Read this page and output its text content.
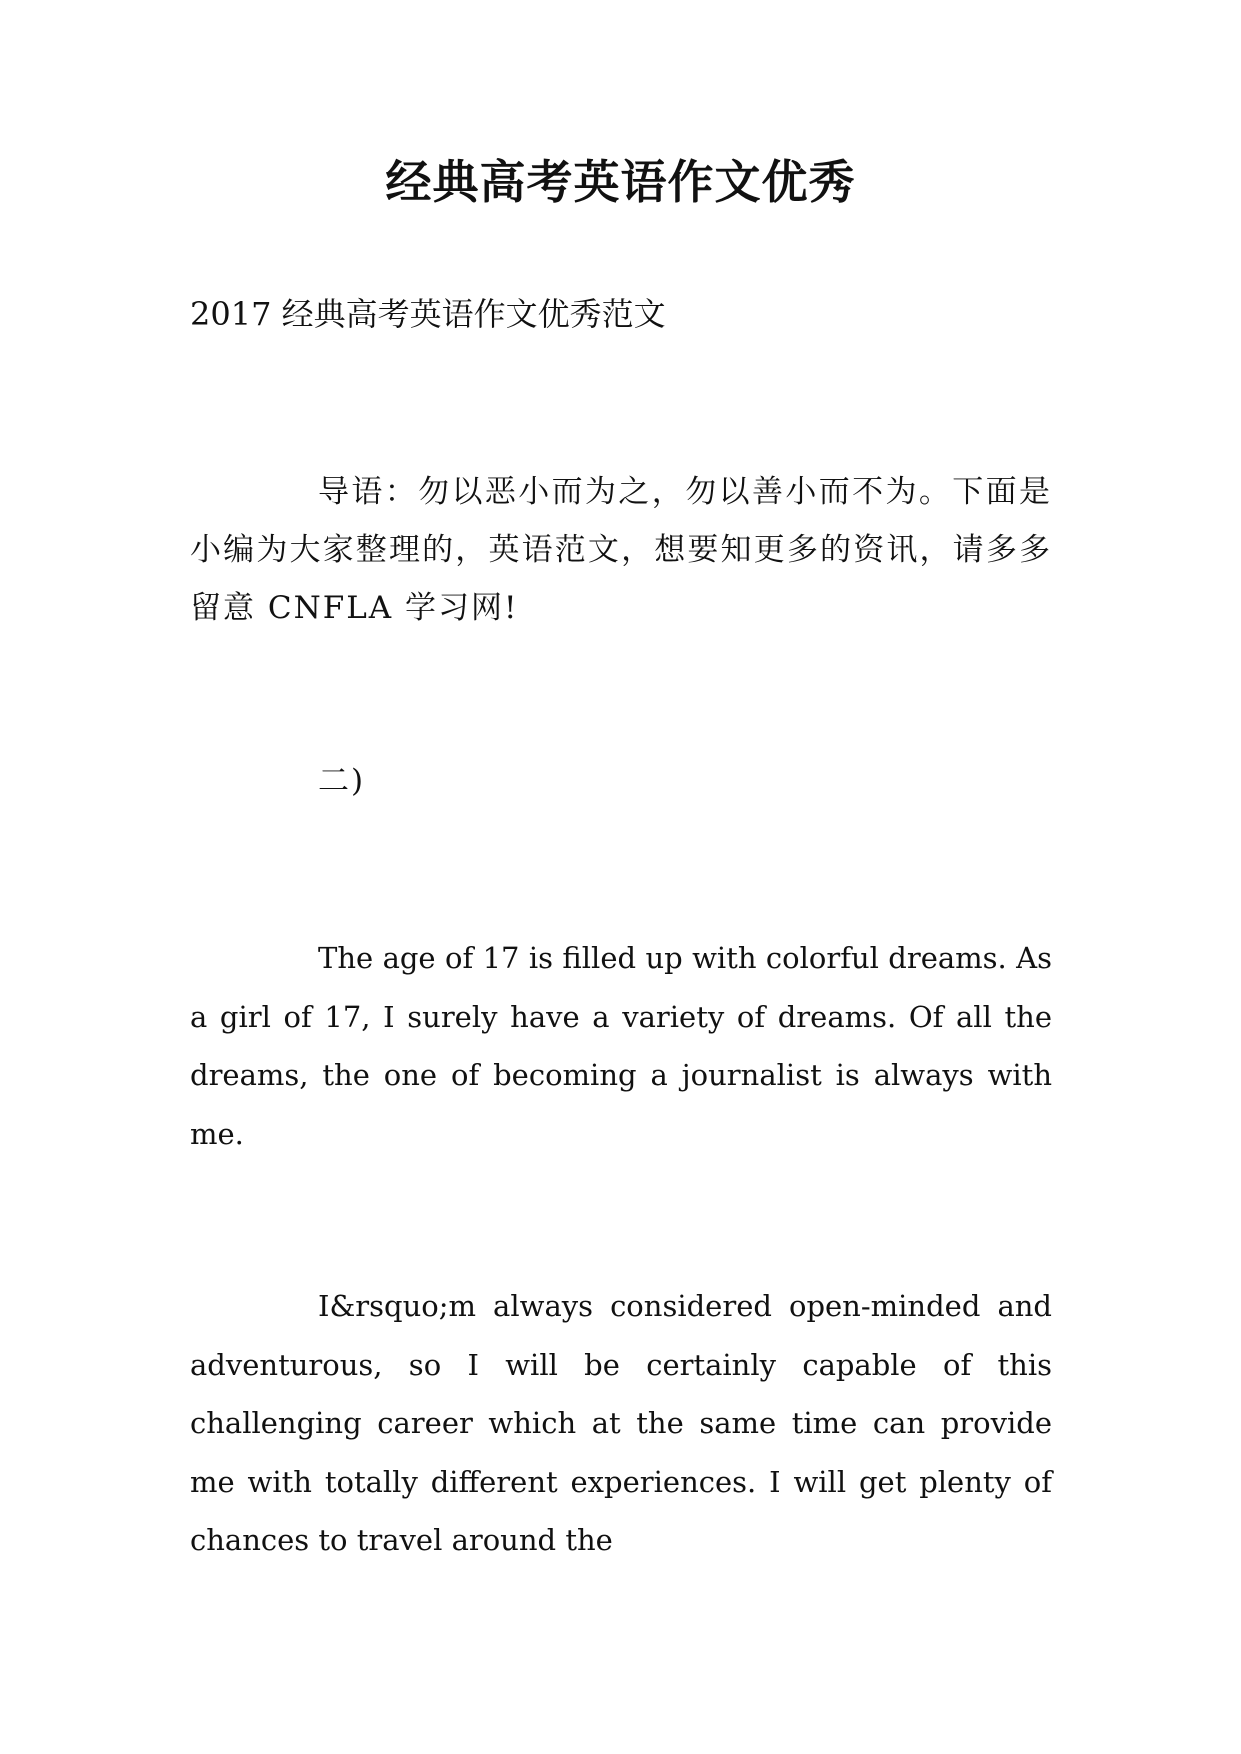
经典高考英语作文优秀
2017 经典高考英语作文优秀范文
导语：勿以恶小而为之，勿以善小而不为。下面是小编为大家整理的，英语范文，想要知更多的资讯，请多多留意 CNFLA 学习网!
二)
The age of 17 is filled up with colorful dreams. As a girl of 17, I surely have a variety of dreams. Of all the dreams, the one of becoming a journalist is always with me.
I&rsquo;m always considered open-minded and adventurous, so I will be certainly capable of this challenging career which at the same time can provide me with totally different experiences. I will get plenty of chances to travel around the
